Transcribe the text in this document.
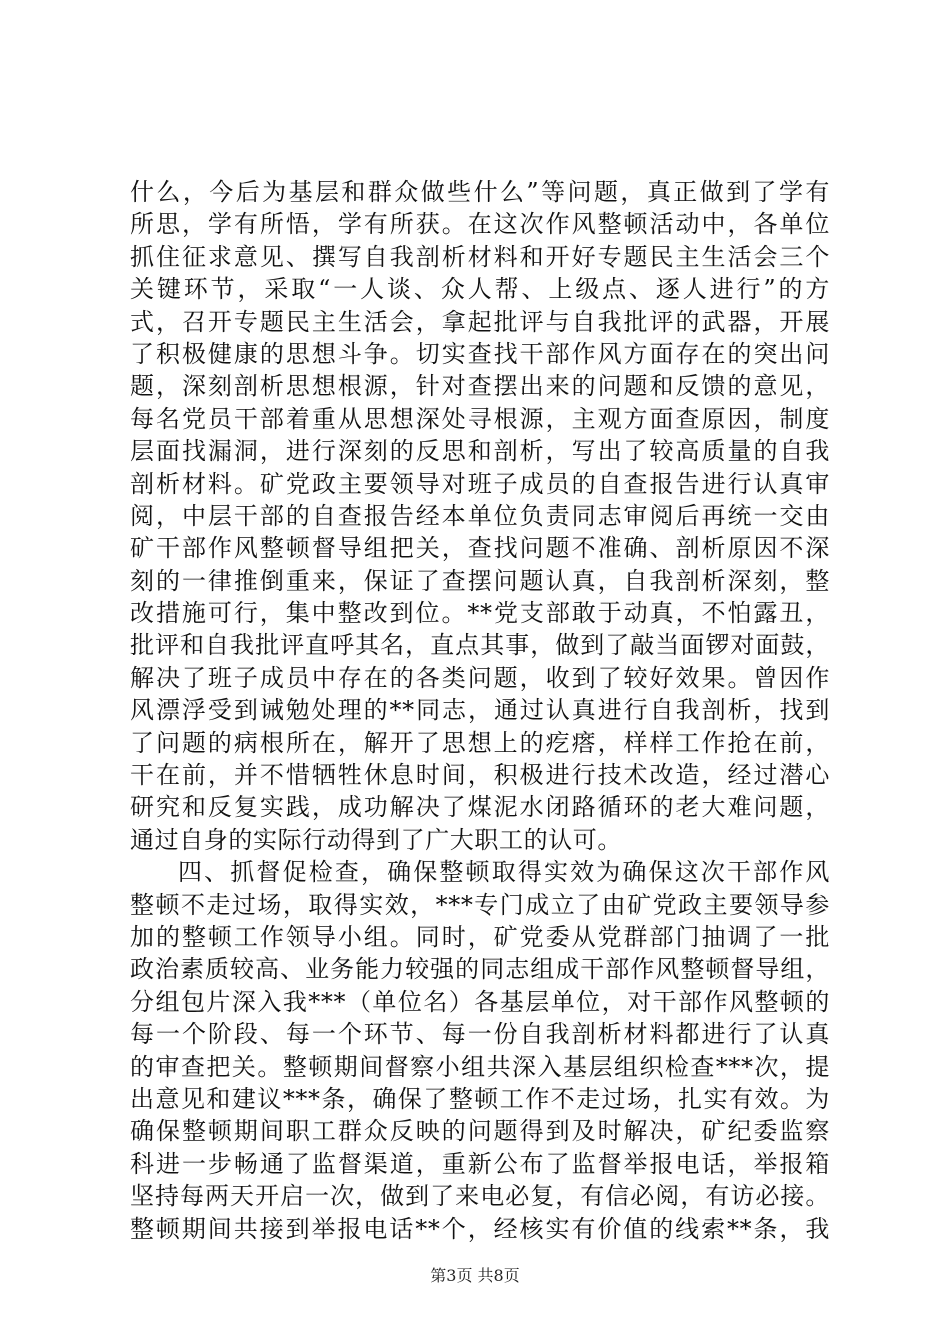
什么，今后为基层和群众做些什么”等问题，真正做到了学有
所思，学有所悟，学有所获。在这次作风整顿活动中，各单位
抓住征求意见、撰写自我剖析材料和开好专题民主生活会三个
关键环节，采取“一人谈、众人帮、上级点、逐人进行”的方
式，召开专题民主生活会，拿起批评与自我批评的武器，开展
了积极健康的思想斗争。切实查找干部作风方面存在的突出问
题，深刻剖析思想根源，针对查摆出来的问题和反馈的意见，
每名党员干部着重从思想深处寻根源，主观方面查原因，制度
层面找漏洞，进行深刻的反思和剖析，写出了较高质量的自我
剖析材料。矿党政主要领导对班子成员的自查报告进行认真审
阅，中层干部的自查报告经本单位负责同志审阅后再统一交由
矿干部作风整顿督导组把关，查找问题不准确、剖析原因不深
刻的一律推倒重来，保证了查摆问题认真，自我剖析深刻，整
改措施可行，集中整改到位。**党支部敢于动真，不怕露丑，
批评和自我批评直呼其名，直点其事，做到了敲当面锣对面鼓，
解决了班子成员中存在的各类问题，收到了较好效果。曾因作
风漂浮受到诫勉处理的**同志，通过认真进行自我剖析，找到
了问题的病根所在，解开了思想上的疙瘩，样样工作抢在前，
干在前，并不惜牺牲休息时间，积极进行技术改造，经过潜心
研究和反复实践，成功解决了煤泥水闭路循环的老大难问题，
通过自身的实际行动得到了广大职工的认可。
四、抓督促检查，确保整顿取得实效为确保这次干部作风
整顿不走过场，取得实效，***专门成立了由矿党政主要领导参
加的整顿工作领导小组。同时，矿党委从党群部门抽调了一批
政治素质较高、业务能力较强的同志组成干部作风整顿督导组，
分组包片深入我***（单位名）各基层单位，对干部作风整顿的
每一个阶段、每一个环节、每一份自我剖析材料都进行了认真
的审查把关。整顿期间督察小组共深入基层组织检查***次，提
出意见和建议***条，确保了整顿工作不走过场，扎实有效。为
确保整顿期间职工群众反映的问题得到及时解决，矿纪委监察
科进一步畅通了监督渠道，重新公布了监督举报电话，举报箱
坚持每两天开启一次，做到了来电必复，有信必阅，有访必接。
整顿期间共接到举报电话**个，经核实有价值的线索**条，我
第3页 共8页
